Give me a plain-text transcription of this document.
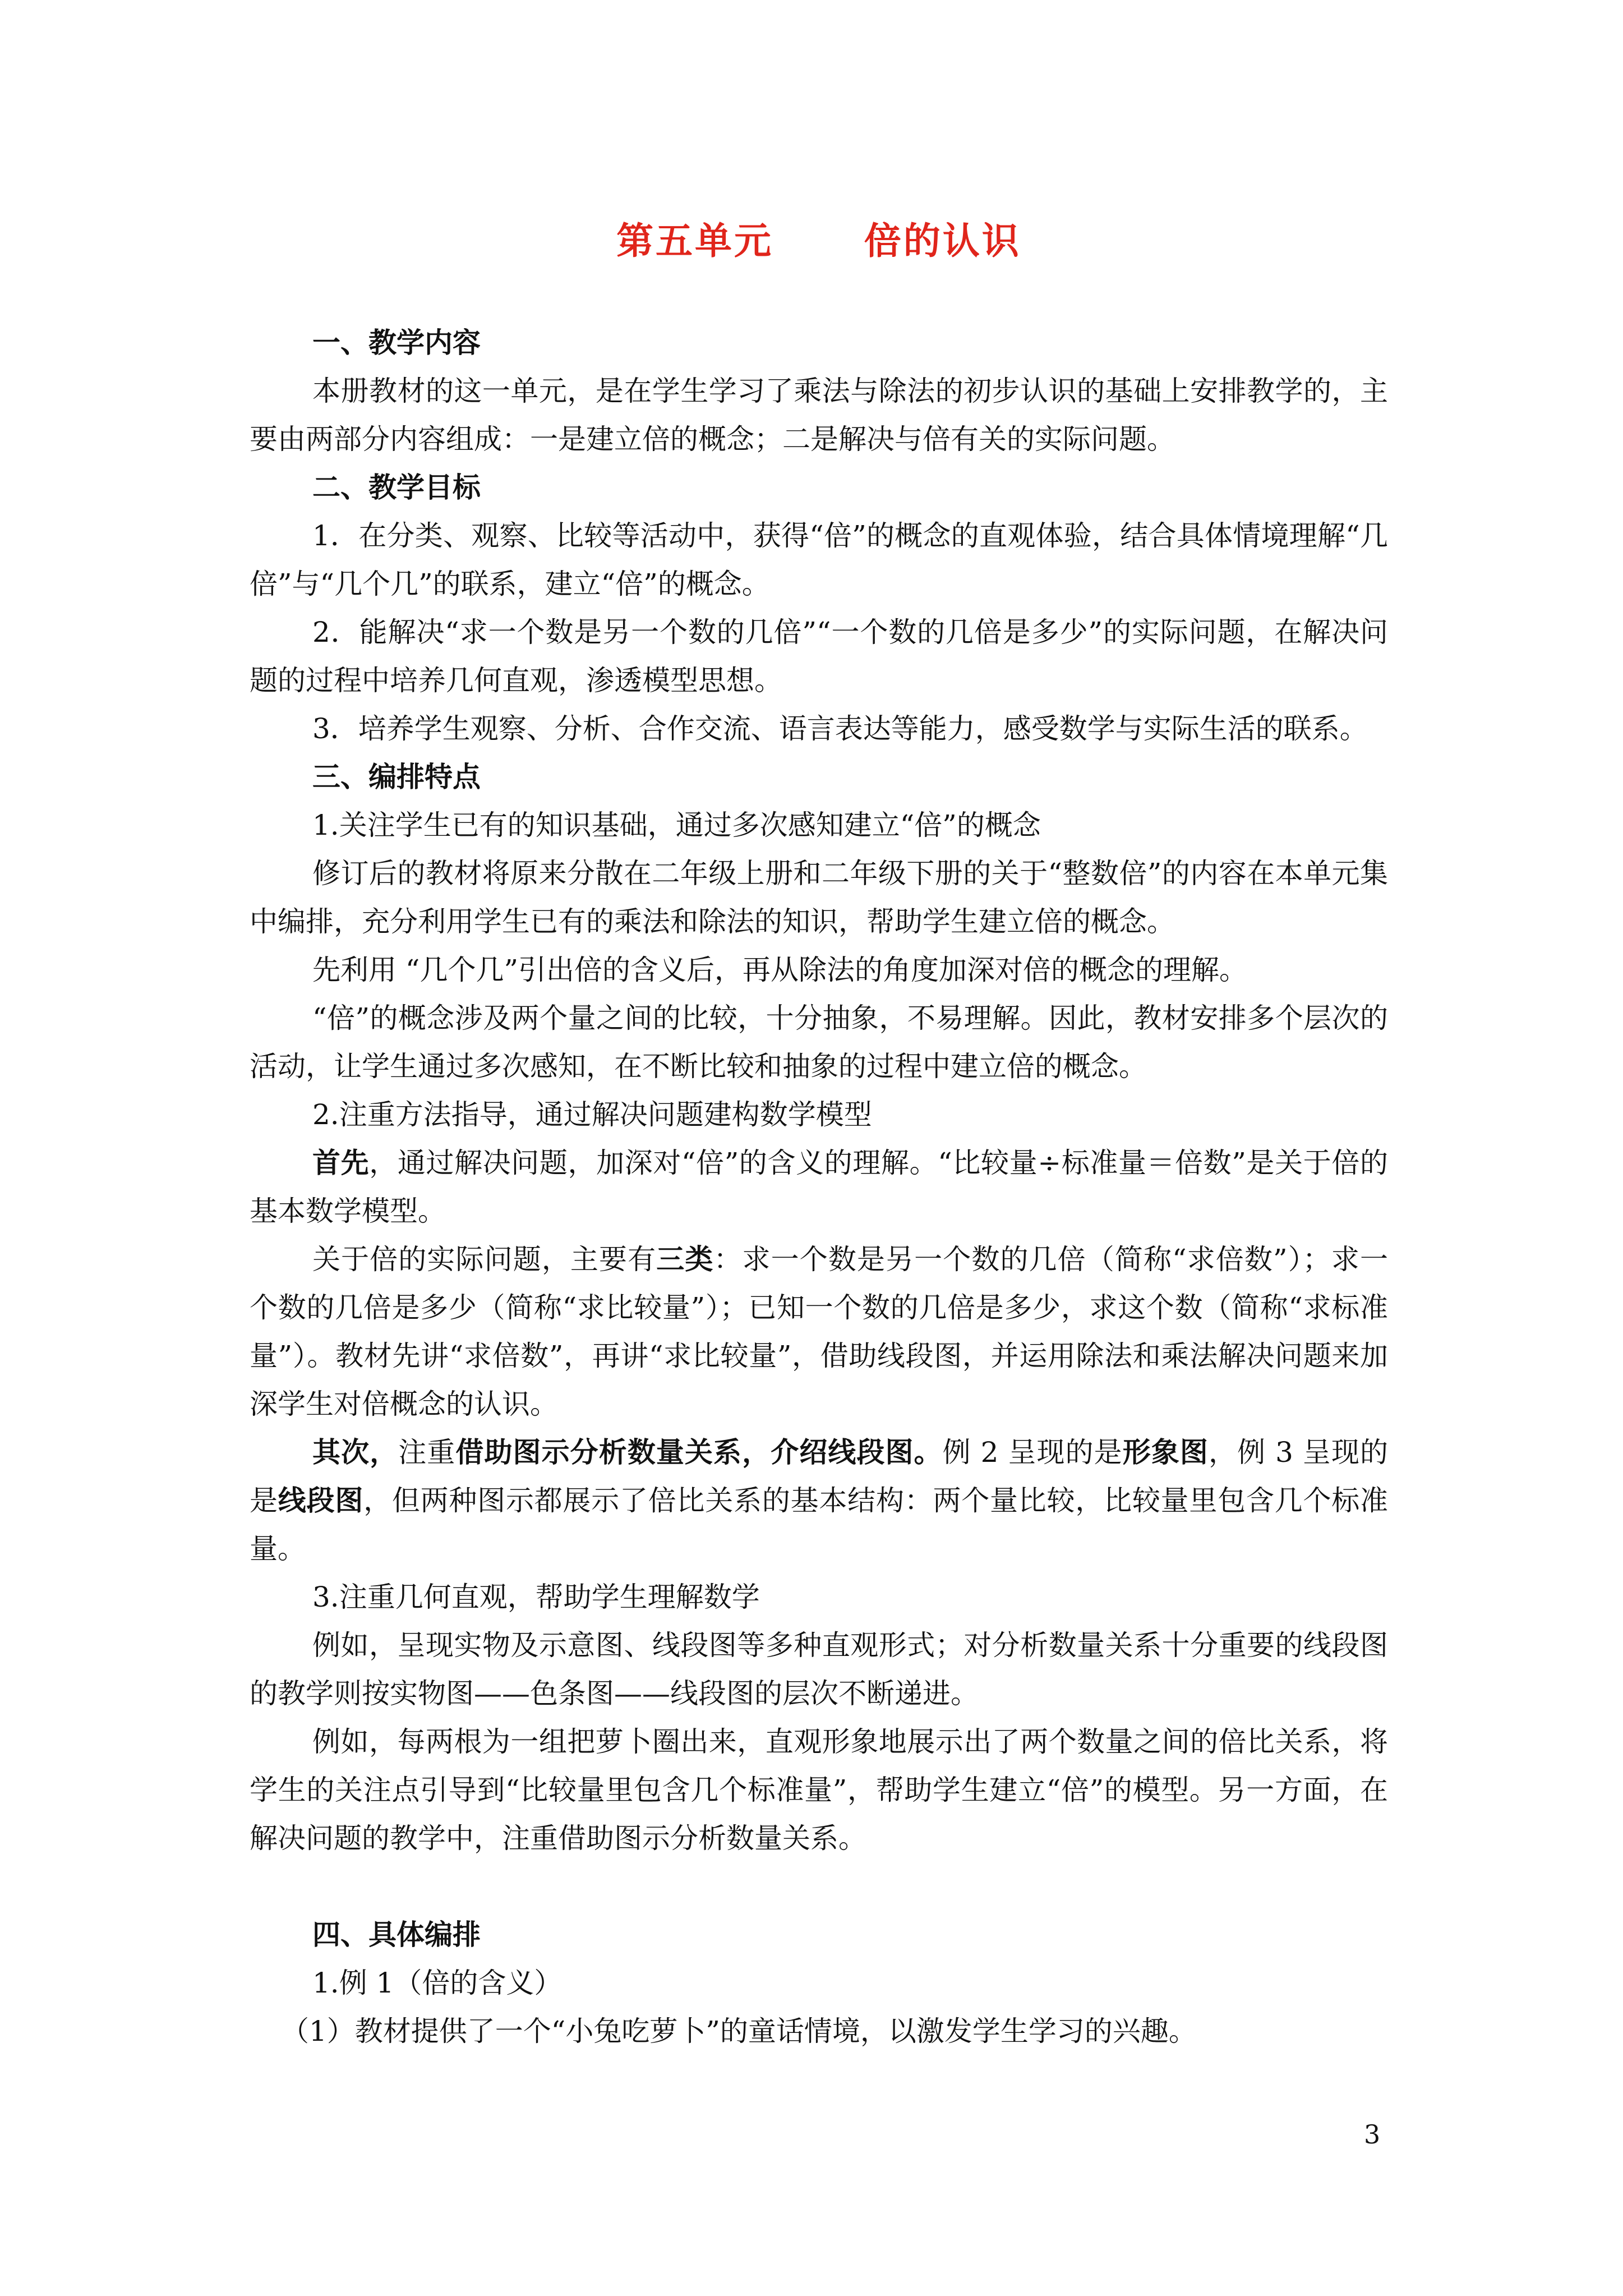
第五单元      倍的认识

一、教学内容

本册教材的这一单元，是在学生学习了乘法与除法的初步认识的基础上安排教学的，主要由两部分内容组成：一是建立倍的概念；二是解决与倍有关的实际问题。

二、教学目标

1．在分类、观察、比较等活动中，获得“倍”的概念的直观体验，结合具体情境理解“几倍”与“几个几”的联系，建立“倍”的概念。

2．能解决“求一个数是另一个数的几倍”“一个数的几倍是多少”的实际问题，在解决问题的过程中培养几何直观，渗透模型思想。

3．培养学生观察、分析、合作交流、语言表达等能力，感受数学与实际生活的联系。

三、编排特点

1.关注学生已有的知识基础，通过多次感知建立“倍”的概念

修订后的教材将原来分散在二年级上册和二年级下册的关于“整数倍”的内容在本单元集中编排，充分利用学生已有的乘法和除法的知识，帮助学生建立倍的概念。

先利用 “几个几”引出倍的含义后，再从除法的角度加深对倍的概念的理解。

“倍”的概念涉及两个量之间的比较，十分抽象，不易理解。因此，教材安排多个层次的活动，让学生通过多次感知，在不断比较和抽象的过程中建立倍的概念。

2.注重方法指导，通过解决问题建构数学模型

首先，通过解决问题，加深对“倍”的含义的理解。“比较量÷标准量＝倍数”是关于倍的基本数学模型。

关于倍的实际问题，主要有三类：求一个数是另一个数的几倍（简称“求倍数”）；求一个数的几倍是多少（简称“求比较量”）；已知一个数的几倍是多少，求这个数（简称“求标准量”）。教材先讲“求倍数”，再讲“求比较量”，借助线段图，并运用除法和乘法解决问题来加深学生对倍概念的认识。

其次，注重借助图示分析数量关系，介绍线段图。例 2 呈现的是形象图，例 3 呈现的是线段图，但两种图示都展示了倍比关系的基本结构：两个量比较，比较量里包含几个标准量。

3.注重几何直观，帮助学生理解数学

例如，呈现实物及示意图、线段图等多种直观形式；对分析数量关系十分重要的线段图的教学则按实物图——色条图——线段图的层次不断递进。

例如，每两根为一组把萝卜圈出来，直观形象地展示出了两个数量之间的倍比关系，将学生的关注点引导到“比较量里包含几个标准量”，帮助学生建立“倍”的模型。另一方面，在解决问题的教学中，注重借助图示分析数量关系。

四、具体编排

1.例 1（倍的含义）

（1）教材提供了一个“小兔吃萝卜”的童话情境，以激发学生学习的兴趣。

3
